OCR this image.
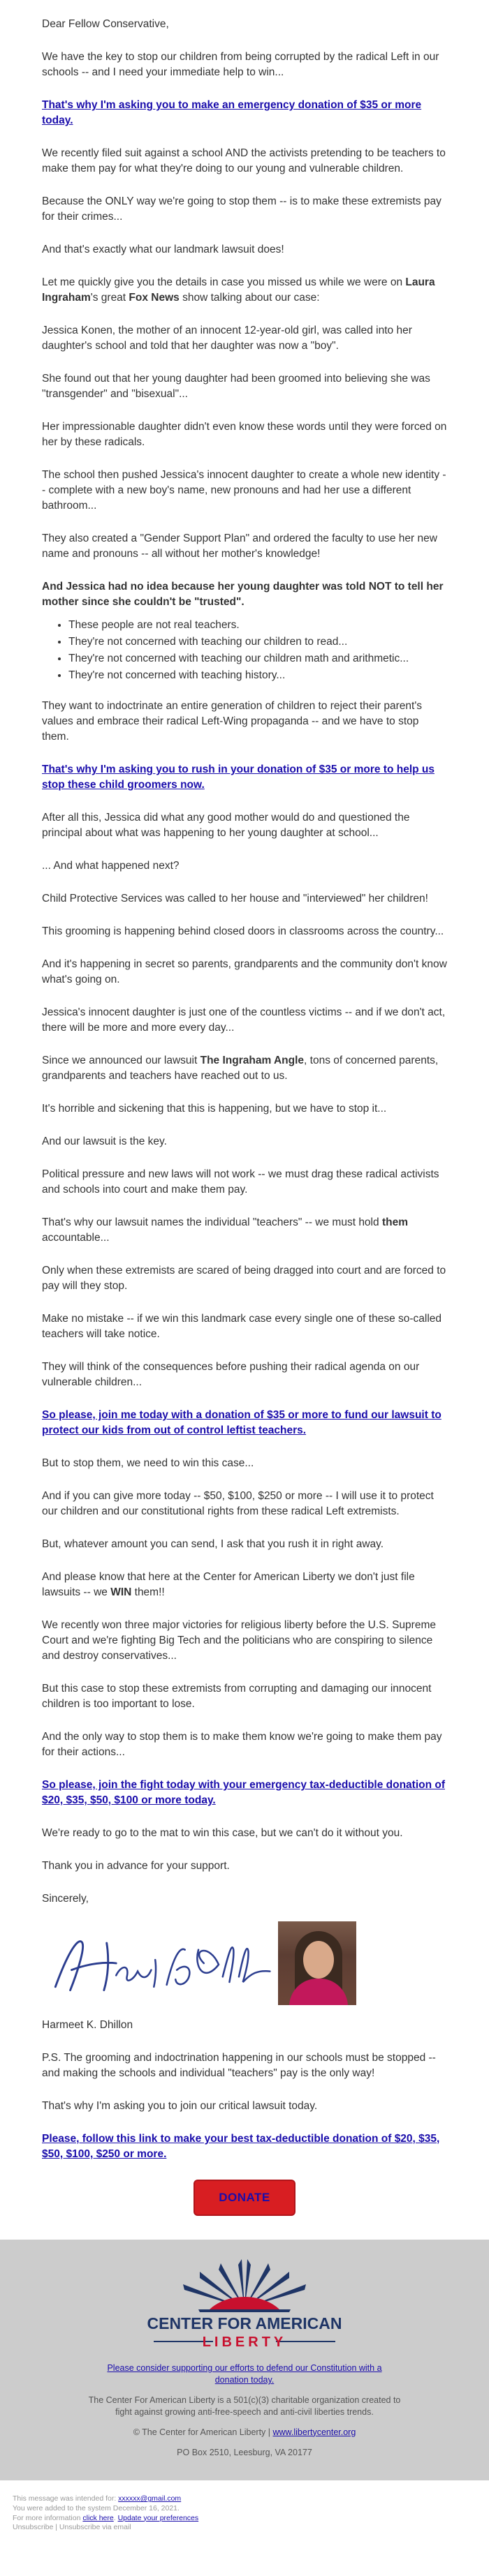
Dear Fellow Conservative,

We have the key to stop our children from being corrupted by the radical Left in our schools -- and I need your immediate help to win...

That's why I'm asking you to make an emergency donation of $35 or more today.

We recently filed suit against a school AND the activists pretending to be teachers to make them pay for what they're doing to our young and vulnerable children.

Because the ONLY way we're going to stop them -- is to make these extremists pay for their crimes...

And that's exactly what our landmark lawsuit does!

Let me quickly give you the details in case you missed us while we were on Laura Ingraham's great Fox News show talking about our case:

Jessica Konen, the mother of an innocent 12-year-old girl, was called into her daughter's school and told that her daughter was now a "boy".

She found out that her young daughter had been groomed into believing she was "transgender" and "bisexual"...

Her impressionable daughter didn't even know these words until they were forced on her by these radicals.

The school then pushed Jessica's innocent daughter to create a whole new identity -- complete with a new boy's name, new pronouns and had her use a different bathroom...

They also created a "Gender Support Plan" and ordered the faculty to use her new name and pronouns -- all without her mother's knowledge!

And Jessica had no idea because her young daughter was told NOT to tell her mother since she couldn't be "trusted".

• These people are not real teachers.
• They're not concerned with teaching our children to read...
• They're not concerned with teaching our children math and arithmetic...
• They're not concerned with teaching history...

They want to indoctrinate an entire generation of children to reject their parent's values and embrace their radical Left-Wing propaganda -- and we have to stop them.

That's why I'm asking you to rush in your donation of $35 or more to help us stop these child groomers now.

After all this, Jessica did what any good mother would do and questioned the principal about what was happening to her young daughter at school...

... And what happened next?

Child Protective Services was called to her house and "interviewed" her children!

This grooming is happening behind closed doors in classrooms across the country...

And it's happening in secret so parents, grandparents and the community don't know what's going on.

Jessica's innocent daughter is just one of the countless victims -- and if we don't act, there will be more and more every day...

Since we announced our lawsuit The Ingraham Angle, tons of concerned parents, grandparents and teachers have reached out to us.

It's horrible and sickening that this is happening, but we have to stop it...

And our lawsuit is the key.

Political pressure and new laws will not work -- we must drag these radical activists and schools into court and make them pay.

That's why our lawsuit names the individual "teachers" -- we must hold them accountable...

Only when these extremists are scared of being dragged into court and are forced to pay will they stop.

Make no mistake -- if we win this landmark case every single one of these so-called teachers will take notice.

They will think of the consequences before pushing their radical agenda on our vulnerable children...

So please, join me today with a donation of $35 or more to fund our lawsuit to protect our kids from out of control leftist teachers.

But to stop them, we need to win this case...

And if you can give more today -- $50, $100, $250 or more -- I will use it to protect our children and our constitutional rights from these radical Left extremists.

But, whatever amount you can send, I ask that you rush it in right away.

And please know that here at the Center for American Liberty we don't just file lawsuits -- we WIN them!!

We recently won three major victories for religious liberty before the U.S. Supreme Court and we're fighting Big Tech and the politicians who are conspiring to silence and destroy conservatives...

But this case to stop these extremists from corrupting and damaging our innocent children is too important to lose.

And the only way to stop them is to make them know we're going to make them pay for their actions...

So please, join the fight today with your emergency tax-deductible donation of $20, $35, $50, $100 or more today.

We're ready to go to the mat to win this case, but we can't do it without you.

Thank you in advance for your support.

Sincerely,

Harmeet K. Dhillon

P.S. The grooming and indoctrination happening in our schools must be stopped -- and making the schools and individual "teachers" pay is the only way!

That's why I'm asking you to join our critical lawsuit today.

Please, follow this link to make your best tax-deductible donation of $20, $35, $50, $100, $250 or more.

DONATE
CENTER FOR AMERICAN
LIBERTY

Please consider supporting our efforts to defend our Constitution with a donation today.

The Center For American Liberty is a 501(c)(3) charitable organization created to fight against growing anti-free-speech and anti-civil liberties trends.

© The Center for American Liberty | www.libertycenter.org

PO Box 2510, Leesburg, VA 20177

This message was intended for: xxxxxx@gmail.com
You were added to the system December 16, 2021.
For more information click here. Update your preferences
Unsubscribe | Unsubscribe via email
